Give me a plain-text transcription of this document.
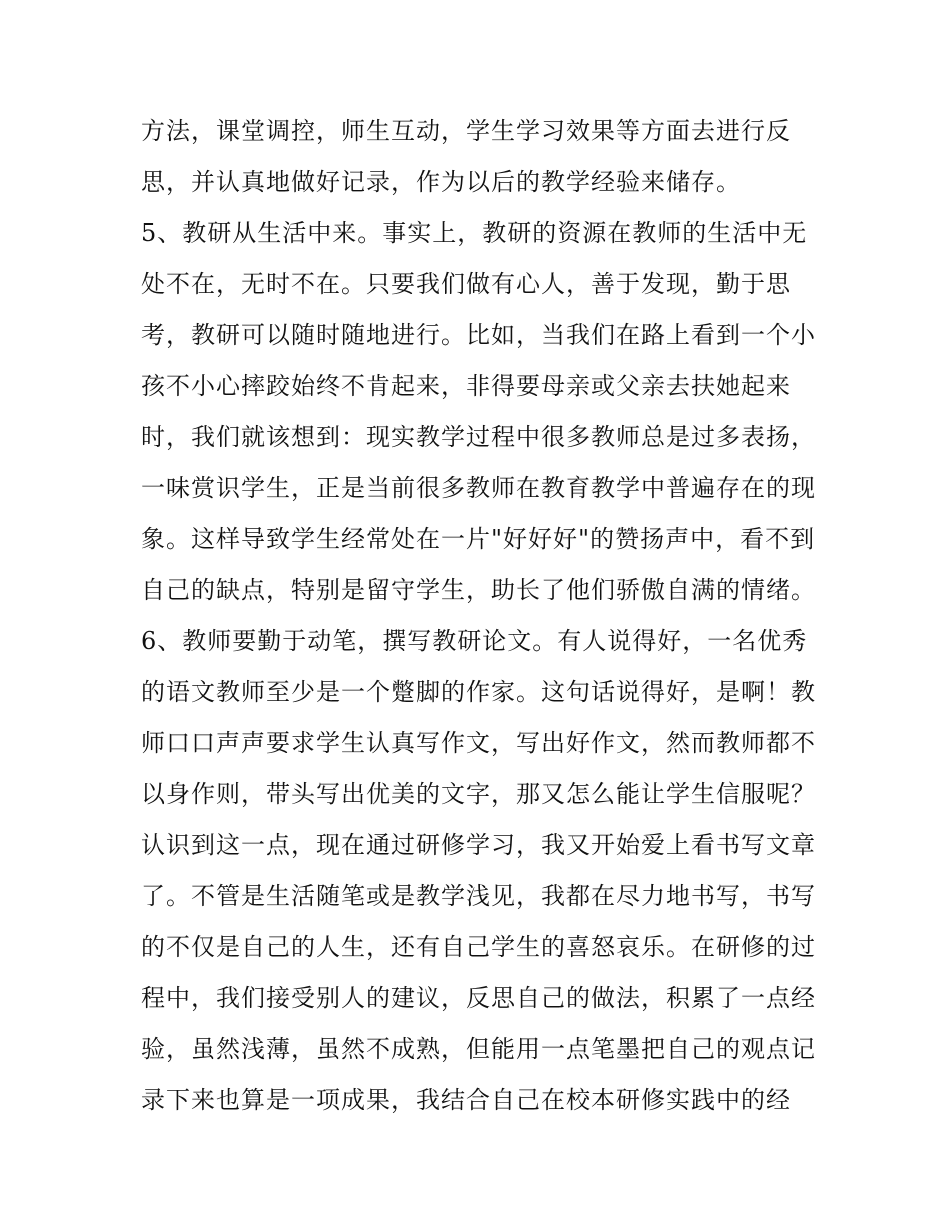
方法，课堂调控，师生互动，学生学习效果等方面去进行反
思，并认真地做好记录，作为以后的教学经验来储存。
5、教研从生活中来。事实上，教研的资源在教师的生活中无
处不在，无时不在。只要我们做有心人，善于发现，勤于思
考，教研可以随时随地进行。比如，当我们在路上看到一个小
孩不小心摔跤始终不肯起来，非得要母亲或父亲去扶她起来
时，我们就该想到：现实教学过程中很多教师总是过多表扬，
一味赏识学生，正是当前很多教师在教育教学中普遍存在的现
象。这样导致学生经常处在一片"好好好"的赞扬声中，看不到
自己的缺点，特别是留守学生，助长了他们骄傲自满的情绪。
6、教师要勤于动笔，撰写教研论文。有人说得好，一名优秀
的语文教师至少是一个蹩脚的作家。这句话说得好，是啊！教
师口口声声要求学生认真写作文，写出好作文，然而教师都不
以身作则，带头写出优美的文字，那又怎么能让学生信服呢？
认识到这一点，现在通过研修学习，我又开始爱上看书写文章
了。不管是生活随笔或是教学浅见，我都在尽力地书写，书写
的不仅是自己的人生，还有自己学生的喜怒哀乐。在研修的过
程中，我们接受别人的建议，反思自己的做法，积累了一点经
验，虽然浅薄，虽然不成熟，但能用一点笔墨把自己的观点记
录下来也算是一项成果，我结合自己在校本研修实践中的经
